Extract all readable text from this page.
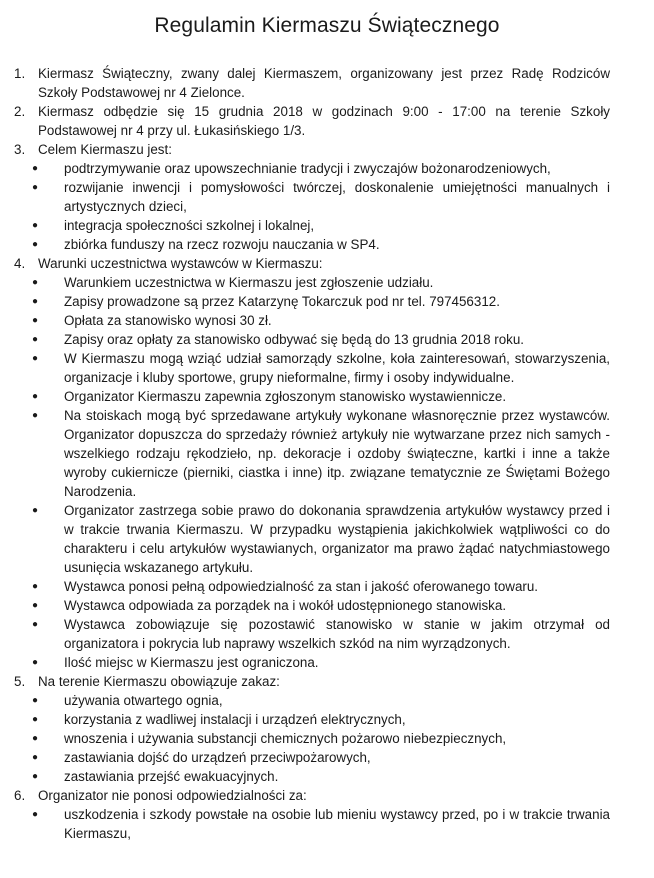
Regulamin Kiermaszu Świątecznego
1. Kiermasz Świąteczny, zwany dalej Kiermaszem, organizowany jest przez Radę Rodziców Szkoły Podstawowej nr 4 Zielonce.
2. Kiermasz odbędzie się 15 grudnia 2018 w godzinach 9:00 - 17:00 na terenie Szkoły Podstawowej nr 4 przy ul. Łukasińskiego 1/3.
3. Celem Kiermaszu jest:
● podtrzymywanie oraz upowszechnianie tradycji i zwyczajów bożonarodzeniowych,
● rozwijanie inwencji i pomysłowości twórczej, doskonalenie umiejętności manualnych i artystycznych dzieci,
● integracja społeczności szkolnej i lokalnej,
● zbiórka funduszy na rzecz rozwoju nauczania w SP4.
4. Warunki uczestnictwa wystawców w Kiermaszu:
● Warunkiem uczestnictwa w Kiermaszu jest zgłoszenie udziału.
● Zapisy prowadzone są przez Katarzynę Tokarczuk pod nr tel. 797456312.
● Opłata za stanowisko wynosi 30 zł.
● Zapisy oraz opłaty za stanowisko odbywać się będą do 13 grudnia 2018 roku.
● W Kiermaszu mogą wziąć udział samorządy szkolne, koła zainteresowań, stowarzyszenia, organizacje i kluby sportowe, grupy nieformalne, firmy i osoby indywidualne.
● Organizator Kiermaszu zapewnia zgłoszonym stanowisko wystawiennicze.
● Na stoiskach mogą być sprzedawane artykuły wykonane własnoręcznie przez wystawców. Organizator dopuszcza do sprzedaży również artykuły nie wytwarzane przez nich samych - wszelkiego rodzaju rękodzieło, np. dekoracje i ozdoby świąteczne, kartki i inne a także wyroby cukiernicze (pierniki, ciastka i inne) itp. związane tematycznie ze Świętami Bożego Narodzenia.
● Organizator zastrzega sobie prawo do dokonania sprawdzenia artykułów wystawcy przed i w trakcie trwania Kiermaszu. W przypadku wystąpienia jakichkolwiek wątpliwości co do charakteru i celu artykułów wystawianych, organizator ma prawo żądać natychmiastowego usunięcia wskazanego artykułu.
● Wystawca ponosi pełną odpowiedzialność za stan i jakość oferowanego towaru.
● Wystawca odpowiada za porządek na i wokół udostępnionego stanowiska.
● Wystawca zobowiązuje się pozostawić stanowisko w stanie w jakim otrzymał od organizatora i pokrycia lub naprawy wszelkich szkód na nim wyrządzonych.
● Ilość miejsc w Kiermaszu jest ograniczona.
5. Na terenie Kiermaszu obowiązuje zakaz:
● używania otwartego ognia,
● korzystania z wadliwej instalacji i urządzeń elektrycznych,
● wnoszenia i używania substancji chemicznych pożarowo niebezpiecznych,
● zastawiania dojść do urządzeń przeciwpożarowych,
● zastawiania przejść ewakuacyjnych.
6. Organizator nie ponosi odpowiedzialności za:
● uszkodzenia i szkody powstałe na osobie lub mieniu wystawcy przed, po i w trakcie trwania Kiermaszu,
